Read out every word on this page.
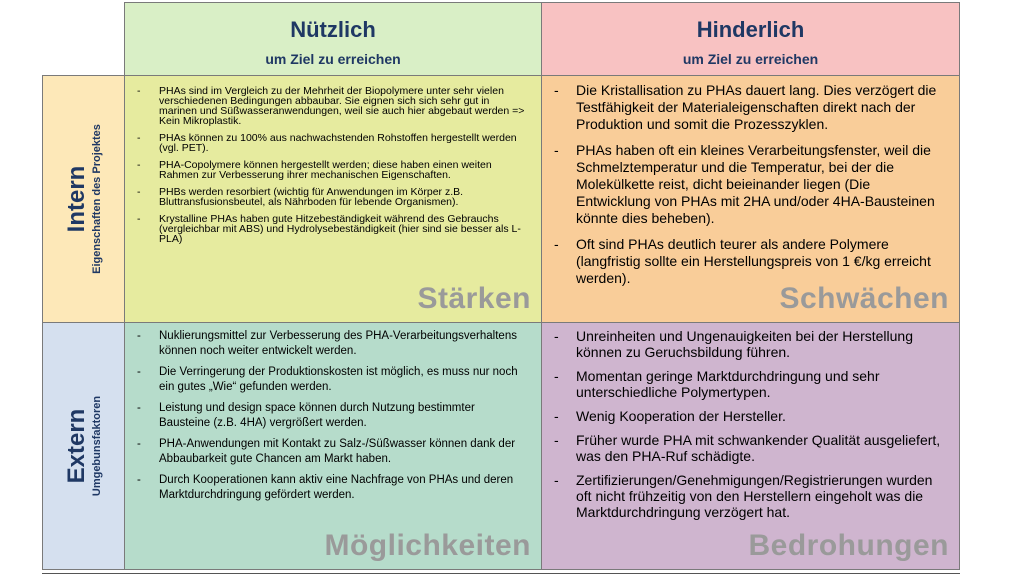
Nützlich
um Ziel zu erreichen
Hinderlich
um Ziel zu erreichen
Intern Eigenschaften des Projektes
Extern Umgebunsfaktoren
- PHAs sind im Vergleich zu der Mehrheit der Biopolymere unter sehr vielen verschiedenen Bedingungen abbaubar. Sie eignen sich sich sehr gut in marinen und Süßwasseranwendungen, weil sie auch hier abgebaut werden => Kein Mikroplastik.
- PHAs können zu 100% aus nachwachstenden Rohstoffen hergestellt werden (vgl. PET).
- PHA-Copolymere können hergestellt werden; diese haben einen weiten Rahmen zur Verbesserung ihrer mechanischen Eigenschaften.
- PHBs werden resorbiert (wichtig für Anwendungen im Körper z.B. Bluttransfusionsbeutel, als Nährboden für lebende Organismen).
- Krystalline PHAs haben gute Hitzebeständigkeit während des Gebrauchs (vergleichbar mit ABS) und Hydrolysebeständigkeit (hier sind sie besser als L-PLA)
Stärken
- Die Kristallisation zu PHAs dauert lang. Dies verzögert die Testfähigkeit der Materialeigenschaften direkt nach der Produktion und somit die Prozesszyklen.
- PHAs haben oft ein kleines Verarbeitungsfenster, weil die Schmelztemperatur und die Temperatur, bei der die Molekülkette reist, dicht beieinander liegen (Die Entwicklung von PHAs mit 2HA und/oder 4HA-Bausteinen könnte dies beheben).
- Oft sind PHAs deutlich teurer als andere Polymere (langfristig sollte ein Herstellungspreis von 1 €/kg erreicht werden).
Schwächen
- Nuklierungsmittel zur Verbesserung des PHA-Verarbeitungsverhaltens können noch weiter entwickelt werden.
- Die Verringerung der Produktionskosten ist möglich, es muss nur noch ein gutes „Wie“ gefunden werden.
- Leistung und design space können durch Nutzung bestimmter Bausteine (z.B. 4HA) vergrößert werden.
- PHA-Anwendungen mit Kontakt zu Salz-/Süßwasser können dank der Abbaubarkeit gute Chancen am Markt haben.
- Durch Kooperationen kann aktiv eine Nachfrage von PHAs und deren Marktdurchdringung gefördert werden.
Möglichkeiten
- Unreinheiten und Ungenauigkeiten bei der Herstellung können zu Geruchsbildung führen.
- Momentan geringe Marktdurchdringung und sehr unterschiedliche Polymertypen.
- Wenig Kooperation der Hersteller.
- Früher wurde PHA mit schwankender Qualität ausgeliefert, was den PHA-Ruf schädigte.
- Zertifizierungen/Genehmigungen/Registrierungen wurden oft nicht frühzeitig von den Herstellern eingeholt was die Marktdurchdringung verzögert hat.
Bedrohungen
